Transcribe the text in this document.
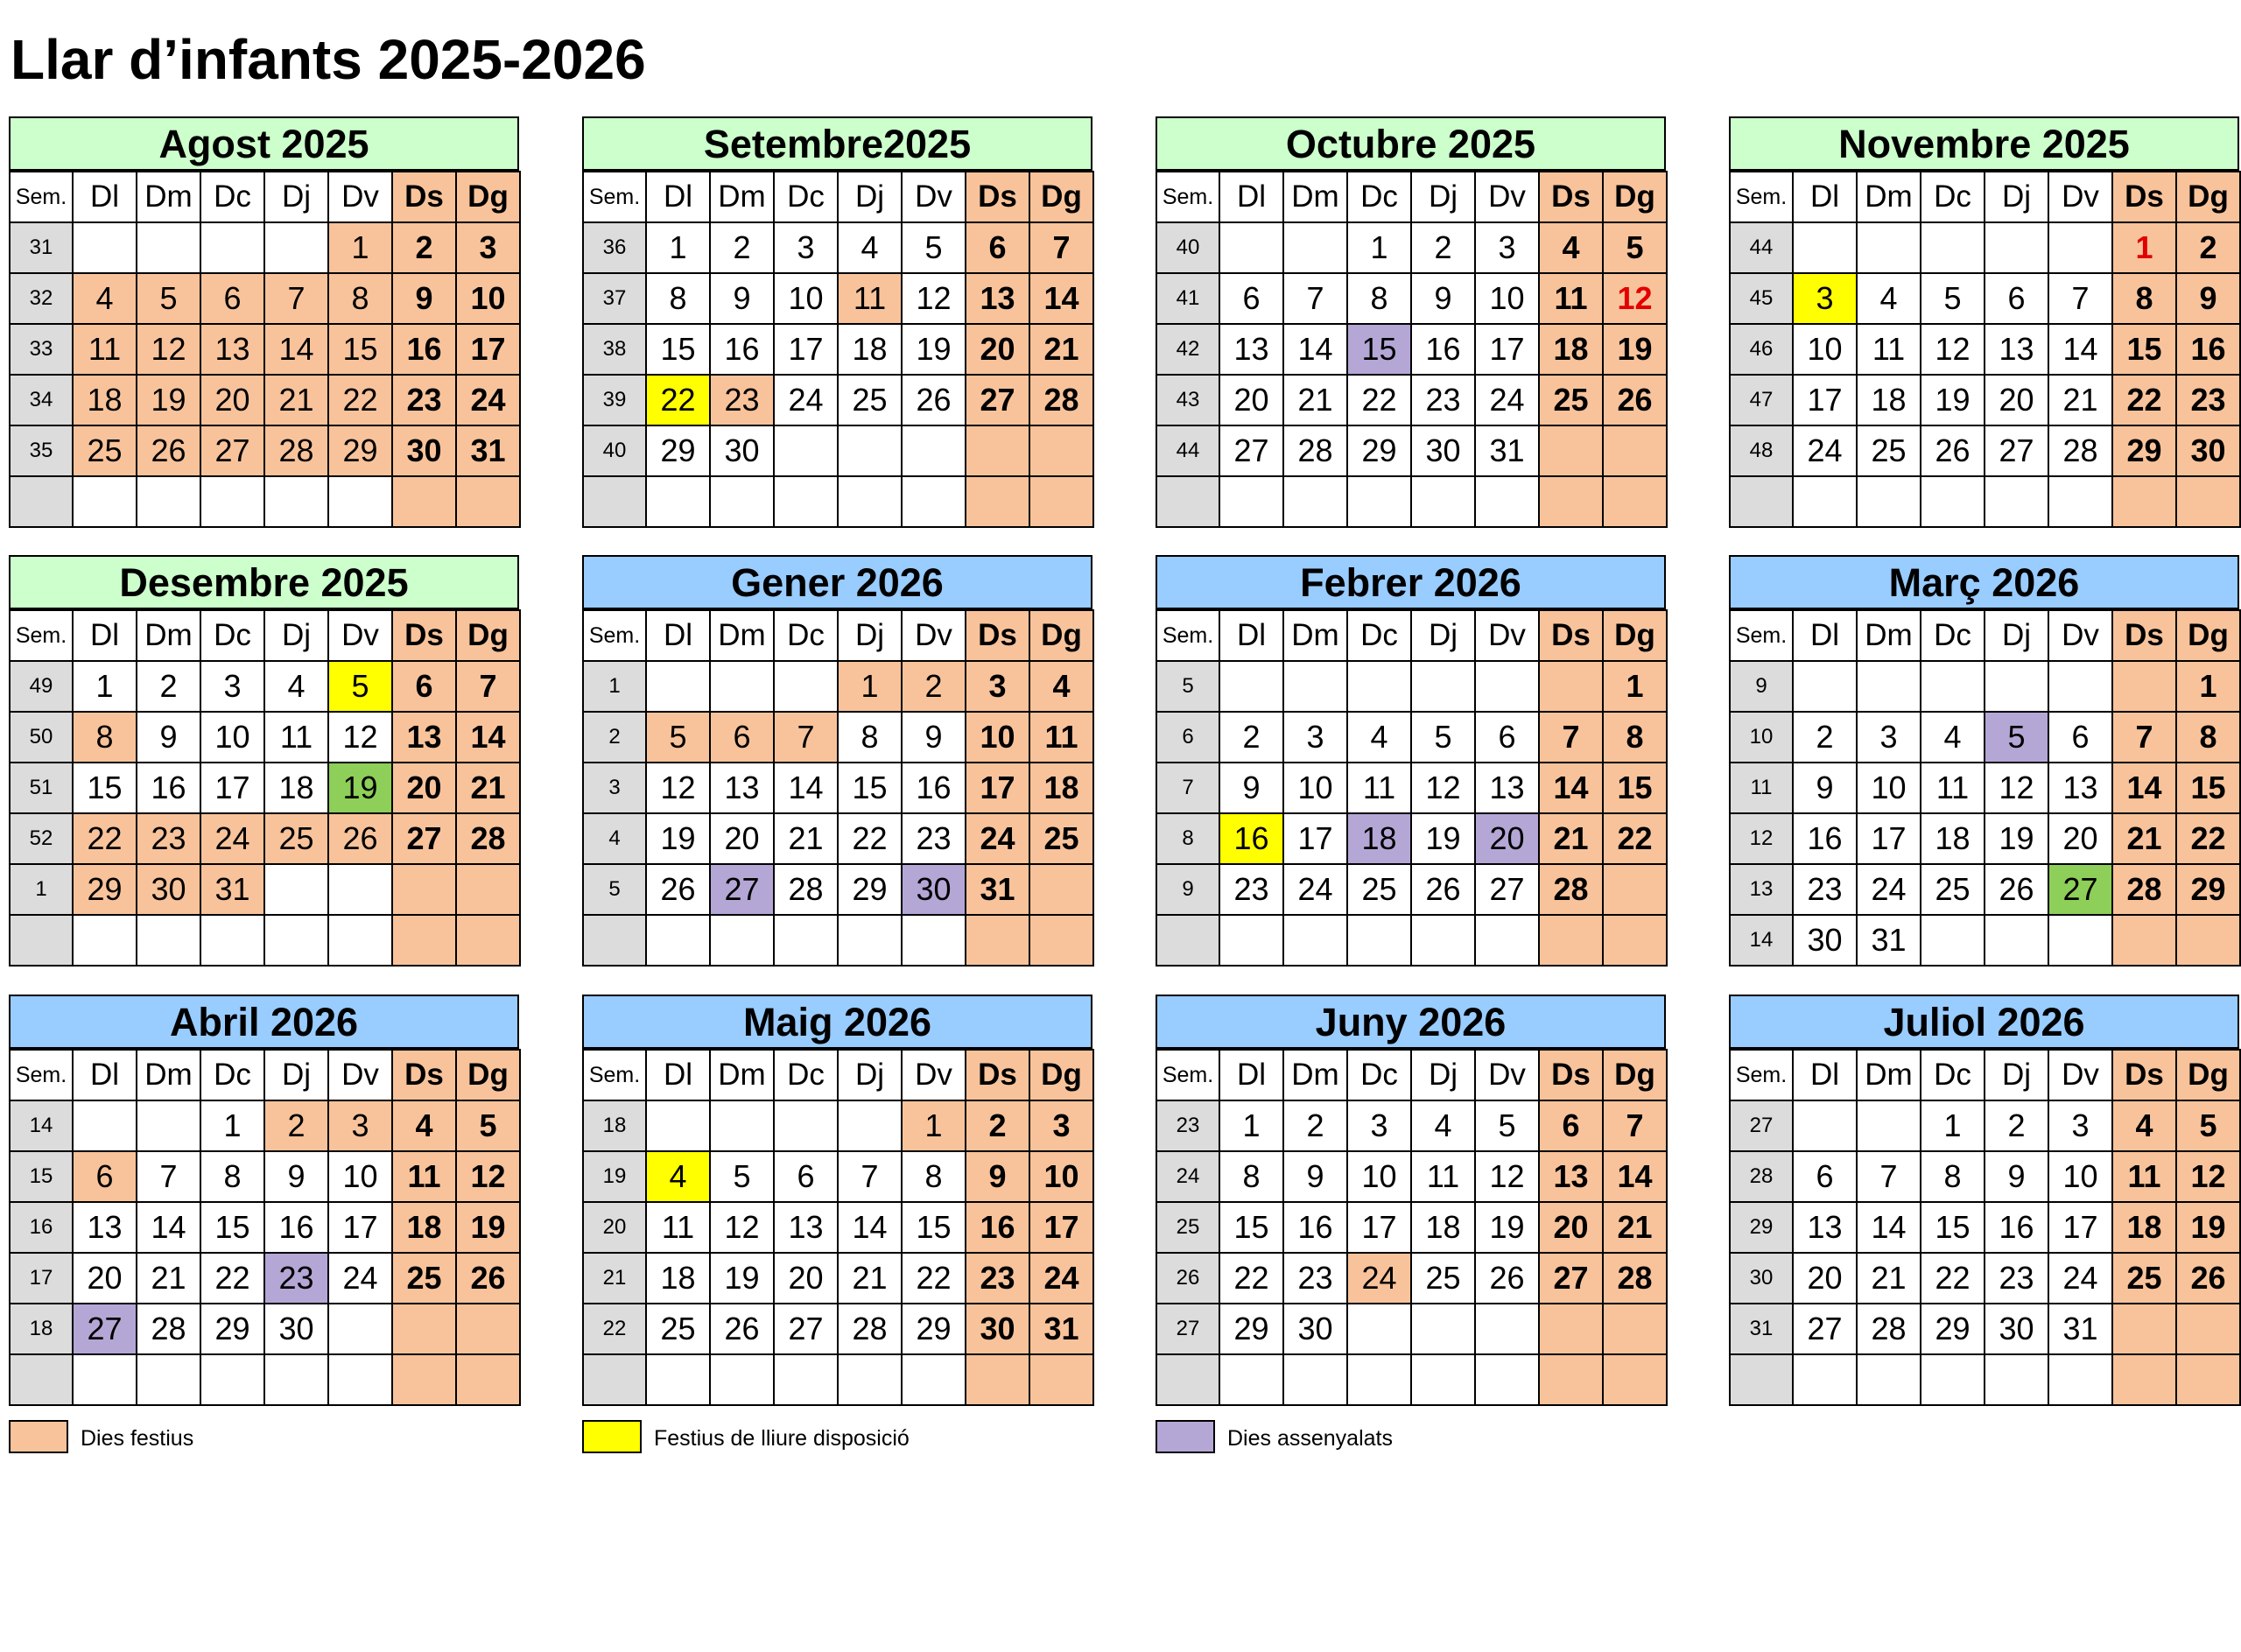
Llar d’infants 2025-2026
Agost 2025
Sem.	Dl	Dm	Dc	Dj	Dv	Ds	Dg
31					1	2	3
32	4	5	6	7	8	9	10
33	11	12	13	14	15	16	17
34	18	19	20	21	22	23	24
35	25	26	27	28	29	30	31

Setembre2025
Sem.	Dl	Dm	Dc	Dj	Dv	Ds	Dg
36	1	2	3	4	5	6	7
37	8	9	10	11	12	13	14
38	15	16	17	18	19	20	21
39	22	23	24	25	26	27	28
40	29	30					

Octubre 2025
Sem.	Dl	Dm	Dc	Dj	Dv	Ds	Dg
40			1	2	3	4	5
41	6	7	8	9	10	11	12
42	13	14	15	16	17	18	19
43	20	21	22	23	24	25	26
44	27	28	29	30	31		

Novembre 2025
Sem.	Dl	Dm	Dc	Dj	Dv	Ds	Dg
44						1	2
45	3	4	5	6	7	8	9
46	10	11	12	13	14	15	16
47	17	18	19	20	21	22	23
48	24	25	26	27	28	29	30

Desembre 2025
Sem.	Dl	Dm	Dc	Dj	Dv	Ds	Dg
49	1	2	3	4	5	6	7
50	8	9	10	11	12	13	14
51	15	16	17	18	19	20	21
52	22	23	24	25	26	27	28
1	29	30	31				

Gener 2026
Sem.	Dl	Dm	Dc	Dj	Dv	Ds	Dg
1				1	2	3	4
2	5	6	7	8	9	10	11
3	12	13	14	15	16	17	18
4	19	20	21	22	23	24	25
5	26	27	28	29	30	31	

Febrer 2026
Sem.	Dl	Dm	Dc	Dj	Dv	Ds	Dg
5							1
6	2	3	4	5	6	7	8
7	9	10	11	12	13	14	15
8	16	17	18	19	20	21	22
9	23	24	25	26	27	28	

Març 2026
Sem.	Dl	Dm	Dc	Dj	Dv	Ds	Dg
9							1
10	2	3	4	5	6	7	8
11	9	10	11	12	13	14	15
12	16	17	18	19	20	21	22
13	23	24	25	26	27	28	29
14	30	31					
Abril 2026
Sem.	Dl	Dm	Dc	Dj	Dv	Ds	Dg
14			1	2	3	4	5
15	6	7	8	9	10	11	12
16	13	14	15	16	17	18	19
17	20	21	22	23	24	25	26
18	27	28	29	30			

Maig 2026
Sem.	Dl	Dm	Dc	Dj	Dv	Ds	Dg
18					1	2	3
19	4	5	6	7	8	9	10
20	11	12	13	14	15	16	17
21	18	19	20	21	22	23	24
22	25	26	27	28	29	30	31

Juny 2026
Sem.	Dl	Dm	Dc	Dj	Dv	Ds	Dg
23	1	2	3	4	5	6	7
24	8	9	10	11	12	13	14
25	15	16	17	18	19	20	21
26	22	23	24	25	26	27	28
27	29	30					

Juliol 2026
Sem.	Dl	Dm	Dc	Dj	Dv	Ds	Dg
27			1	2	3	4	5
28	6	7	8	9	10	11	12
29	13	14	15	16	17	18	19
30	20	21	22	23	24	25	26
31	27	28	29	30	31		

Dies festius	Festius de lliure disposició	Dies assenyalats
